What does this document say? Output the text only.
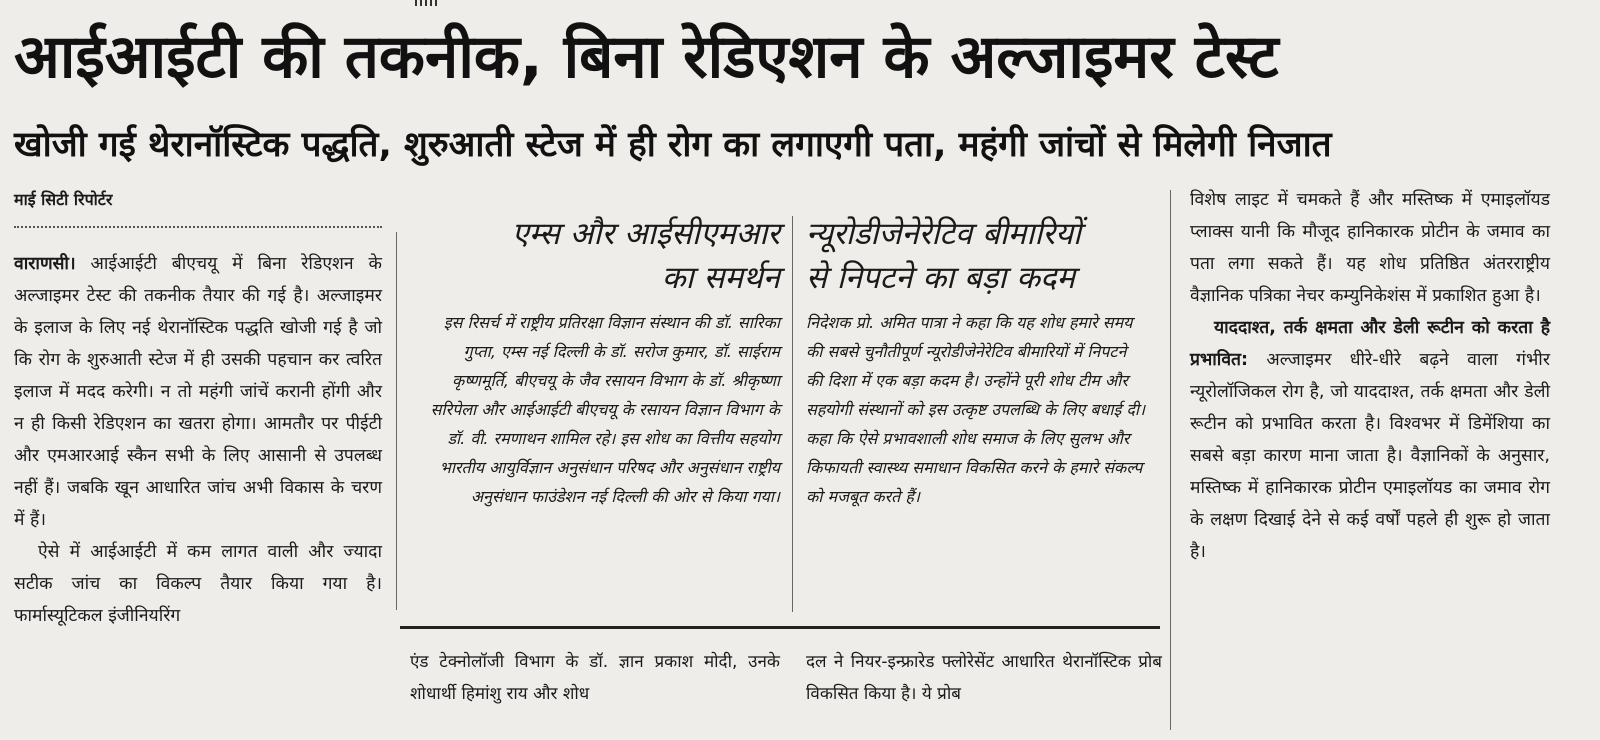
आईआईटी की तकनीक, बिना रेडिएशन के अल्जाइमर टेस्ट
खोजी गई थेरानॉस्टिक पद्धति, शुरुआती स्टेज में ही रोग का लगाएगी पता, महंगी जांचों से मिलेगी निजात
माई सिटी रिपोर्टर

वाराणसी। आईआईटी बीएचयू में बिना रेडिएशन के अल्जाइमर टेस्ट की तकनीक तैयार की गई है। अल्जाइमर के इलाज के लिए नई थेरानॉस्टिक पद्धति खोजी गई है जो कि रोग के शुरुआती स्टेज में ही उसकी पहचान कर त्वरित इलाज में मदद करेगी। न तो महंगी जांचें करानी होंगी और न ही किसी रेडिएशन का खतरा होगा। आमतौर पर पीईटी और एमआरआई स्कैन सभी के लिए आसानी से उपलब्ध नहीं हैं। जबकि खून आधारित जांच अभी विकास के चरण में हैं।

ऐसे में आईआईटी में कम लागत वाली और ज्यादा सटीक जांच का विकल्प तैयार किया गया है। फार्मास्यूटिकल इंजीनियरिंग

एम्स और आईसीएमआर
का समर्थन
इस रिसर्च में राष्ट्रीय प्रतिरक्षा विज्ञान संस्थान की डॉ. सारिका गुप्ता, एम्स नई दिल्ली के डॉ. सरोज कुमार, डॉ. साईराम कृष्णमूर्ति, बीएचयू के जैव रसायन विभाग के डॉ. श्रीकृष्णा सरिपेला और आईआईटी बीएचयू के रसायन विज्ञान विभाग के डॉ. वी. रमणाथन शामिल रहे। इस शोध का वित्तीय सहयोग भारतीय आयुर्विज्ञान अनुसंधान परिषद और अनुसंधान राष्ट्रीय अनुसंधान फाउंडेशन नई दिल्ली की ओर से किया गया।
न्यूरोडीजेनेरेटिव बीमारियों
से निपटने का बड़ा कदम
निदेशक प्रो. अमित पात्रा ने कहा कि यह शोध हमारे समय की सबसे चुनौतीपूर्ण न्यूरोडीजेनेरेटिव बीमारियों में निपटने की दिशा में एक बड़ा कदम है। उन्होंने पूरी शोध टीम और सहयोगी संस्थानों को इस उत्कृष्ट उपलब्धि के लिए बधाई दी। कहा कि ऐसे प्रभावशाली शोध समाज के लिए सुलभ और किफायती स्वास्थ्य समाधान विकसित करने के हमारे संकल्प को मजबूत करते हैं।
एंड टेक्नोलॉजी विभाग के डॉ. ज्ञान प्रकाश मोदी, उनके शोधार्थी हिमांशु राय और शोध
दल ने नियर-इन्फ्रारेड फ्लोरेसेंट आधारित थेरानॉस्टिक प्रोब विकसित किया है। ये प्रोब

विशेष लाइट में चमकते हैं और मस्तिष्क में एमाइलॉयड प्लाक्स यानी कि मौजूद हानिकारक प्रोटीन के जमाव का पता लगा सकते हैं। यह शोध प्रतिष्ठित अंतरराष्ट्रीय वैज्ञानिक पत्रिका नेचर कम्युनिकेशंस में प्रकाशित हुआ है।

याददाश्त, तर्क क्षमता और डेली रूटीन को करता है प्रभावित: अल्जाइमर धीरे-धीरे बढ़ने वाला गंभीर न्यूरोलॉजिकल रोग है, जो याददाश्त, तर्क क्षमता और डेली रूटीन को प्रभावित करता है। विश्वभर में डिमेंशिया का सबसे बड़ा कारण माना जाता है। वैज्ञानिकों के अनुसार, मस्तिष्क में हानिकारक प्रोटीन एमाइलॉयड का जमाव रोग के लक्षण दिखाई देने से कई वर्षों पहले ही शुरू हो जाता है।
